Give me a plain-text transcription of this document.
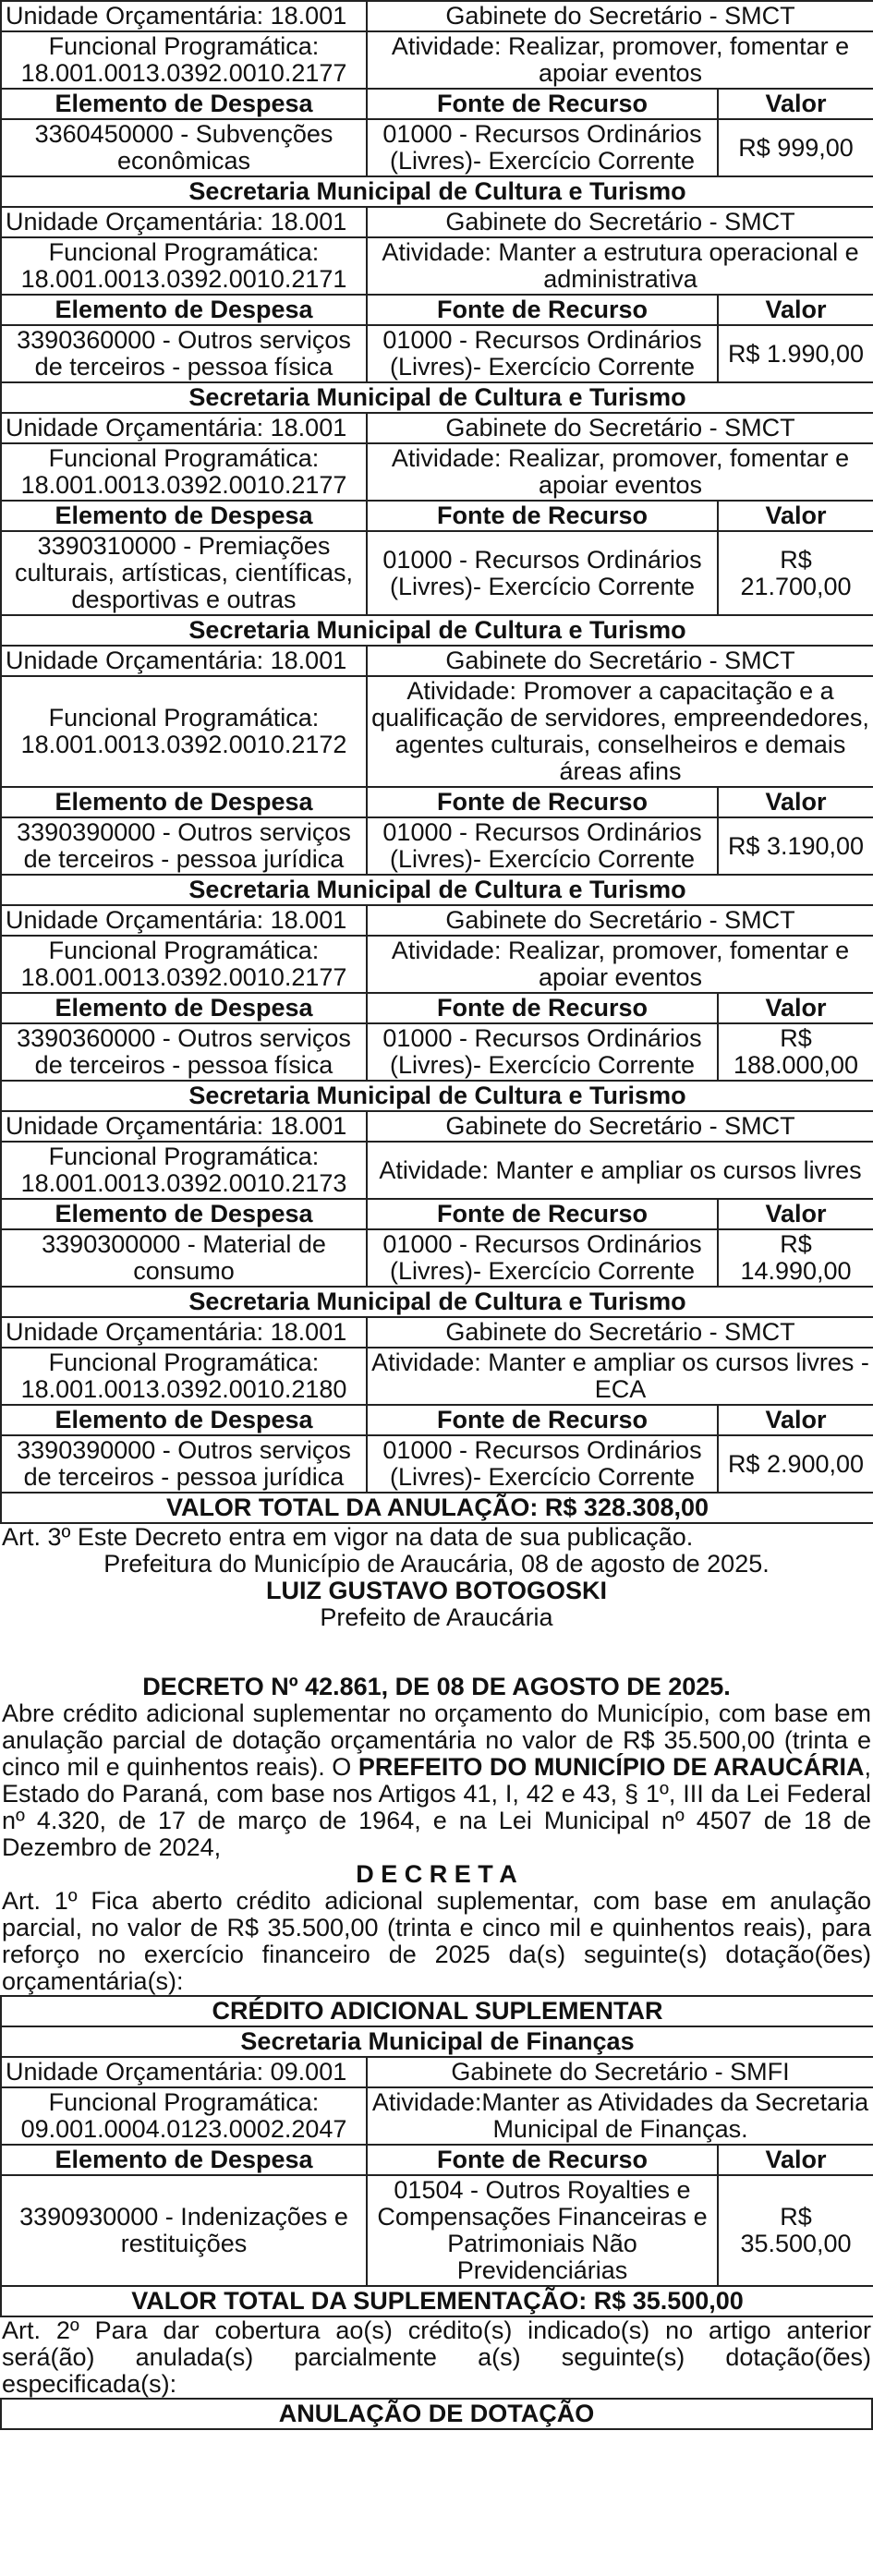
Unidade Orçamentária: 18.001	Gabinete do Secretário - SMCT	
Funcional Programática:
18.001.0013.0392.0010.2177	Atividade: Realizar, promover, fomentar e apoiar eventos	
Elemento de Despesa	Fonte de Recurso	Valor
3360450000 - Subvenções econômicas	01000 - Recursos Ordinários (Livres)- Exercício Corrente	R$ 999,00
Secretaria Municipal de Cultura e Turismo		
Unidade Orçamentária: 18.001	Gabinete do Secretário - SMCT	
Funcional Programática:
18.001.0013.0392.0010.2171	Atividade: Manter a estrutura operacional e administrativa	
Elemento de Despesa	Fonte de Recurso	Valor
3390360000 - Outros serviços de terceiros - pessoa física	01000 - Recursos Ordinários (Livres)- Exercício Corrente	R$ 1.990,00
Secretaria Municipal de Cultura e Turismo		
Unidade Orçamentária: 18.001	Gabinete do Secretário - SMCT	
Funcional Programática:
18.001.0013.0392.0010.2177	Atividade: Realizar, promover, fomentar e apoiar eventos	
Elemento de Despesa	Fonte de Recurso	Valor
3390310000 - Premiações culturais, artísticas, científicas, desportivas e outras	01000 - Recursos Ordinários (Livres)- Exercício Corrente	R$ 21.700,00
Secretaria Municipal de Cultura e Turismo		
Unidade Orçamentária: 18.001	Gabinete do Secretário - SMCT	
Funcional Programática:
18.001.0013.0392.0010.2172	Atividade: Promover a capacitação e a qualificação de servidores, empreendedores, agentes culturais, conselheiros e demais áreas afins	
Elemento de Despesa	Fonte de Recurso	Valor
3390390000 - Outros serviços de terceiros - pessoa jurídica	01000 - Recursos Ordinários (Livres)- Exercício Corrente	R$ 3.190,00
Secretaria Municipal de Cultura e Turismo		
Unidade Orçamentária: 18.001	Gabinete do Secretário - SMCT	
Funcional Programática:
18.001.0013.0392.0010.2177	Atividade: Realizar, promover, fomentar e apoiar eventos	
Elemento de Despesa	Fonte de Recurso	Valor
3390360000 - Outros serviços de terceiros - pessoa física	01000 - Recursos Ordinários (Livres)- Exercício Corrente	R$ 188.000,00
Secretaria Municipal de Cultura e Turismo		
Unidade Orçamentária: 18.001	Gabinete do Secretário - SMCT	
Funcional Programática:
18.001.0013.0392.0010.2173	Atividade: Manter e ampliar os cursos livres	
Elemento de Despesa	Fonte de Recurso	Valor
3390300000 - Material de consumo	01000 - Recursos Ordinários (Livres)- Exercício Corrente	R$ 14.990,00
Secretaria Municipal de Cultura e Turismo		
Unidade Orçamentária: 18.001	Gabinete do Secretário - SMCT	
Funcional Programática:
18.001.0013.0392.0010.2180	Atividade: Manter e ampliar os cursos livres - ECA	
Elemento de Despesa	Fonte de Recurso	Valor
3390390000 - Outros serviços de terceiros - pessoa jurídica	01000 - Recursos Ordinários (Livres)- Exercício Corrente	R$ 2.900,00
VALOR TOTAL DA ANULAÇÃO: R$ 328.308,00		
Art. 3º Este Decreto entra em vigor na data de sua publicação.
Prefeitura do Município de Araucária, 08 de agosto de 2025.
LUIZ GUSTAVO BOTOGOSKI
Prefeito de Araucária
DECRETO Nº 42.861, DE 08 DE AGOSTO DE 2025.
Abre crédito adicional suplementar no orçamento do Município, com base em anulação parcial de dotação orçamentária no valor de R$ 35.500,00 (trinta e cinco mil e quinhentos reais). O PREFEITO DO MUNICÍPIO DE ARAUCÁRIA, Estado do Paraná, com base nos Artigos 41, I, 42 e 43, § 1º, III da Lei Federal nº 4.320, de 17 de março de 1964, e na Lei Municipal nº 4507 de 18 de Dezembro de 2024,
D E C R E T A
Art. 1º Fica aberto crédito adicional suplementar, com base em anulação parcial, no valor de R$ 35.500,00 (trinta e cinco mil e quinhentos reais), para reforço no exercício financeiro de 2025 da(s) seguinte(s) dotação(ões) orçamentária(s):
CRÉDITO ADICIONAL SUPLEMENTAR		
Secretaria Municipal de Finanças		
Unidade Orçamentária: 09.001	Gabinete do Secretário - SMFI	
Funcional Programática:
09.001.0004.0123.0002.2047	Atividade:Manter as Atividades da Secretaria Municipal de Finanças.	
Elemento de Despesa	Fonte de Recurso	Valor
3390930000 - Indenizações e restituições	01504 - Outros Royalties e Compensações Financeiras e Patrimoniais Não Previdenciárias	R$ 35.500,00
VALOR TOTAL DA SUPLEMENTAÇÃO: R$ 35.500,00		
Art. 2º Para dar cobertura ao(s) crédito(s) indicado(s) no artigo anterior será(ão) anulada(s) parcialmente a(s) seguinte(s) dotação(ões) especificada(s):
ANULAÇÃO DE DOTAÇÃO
